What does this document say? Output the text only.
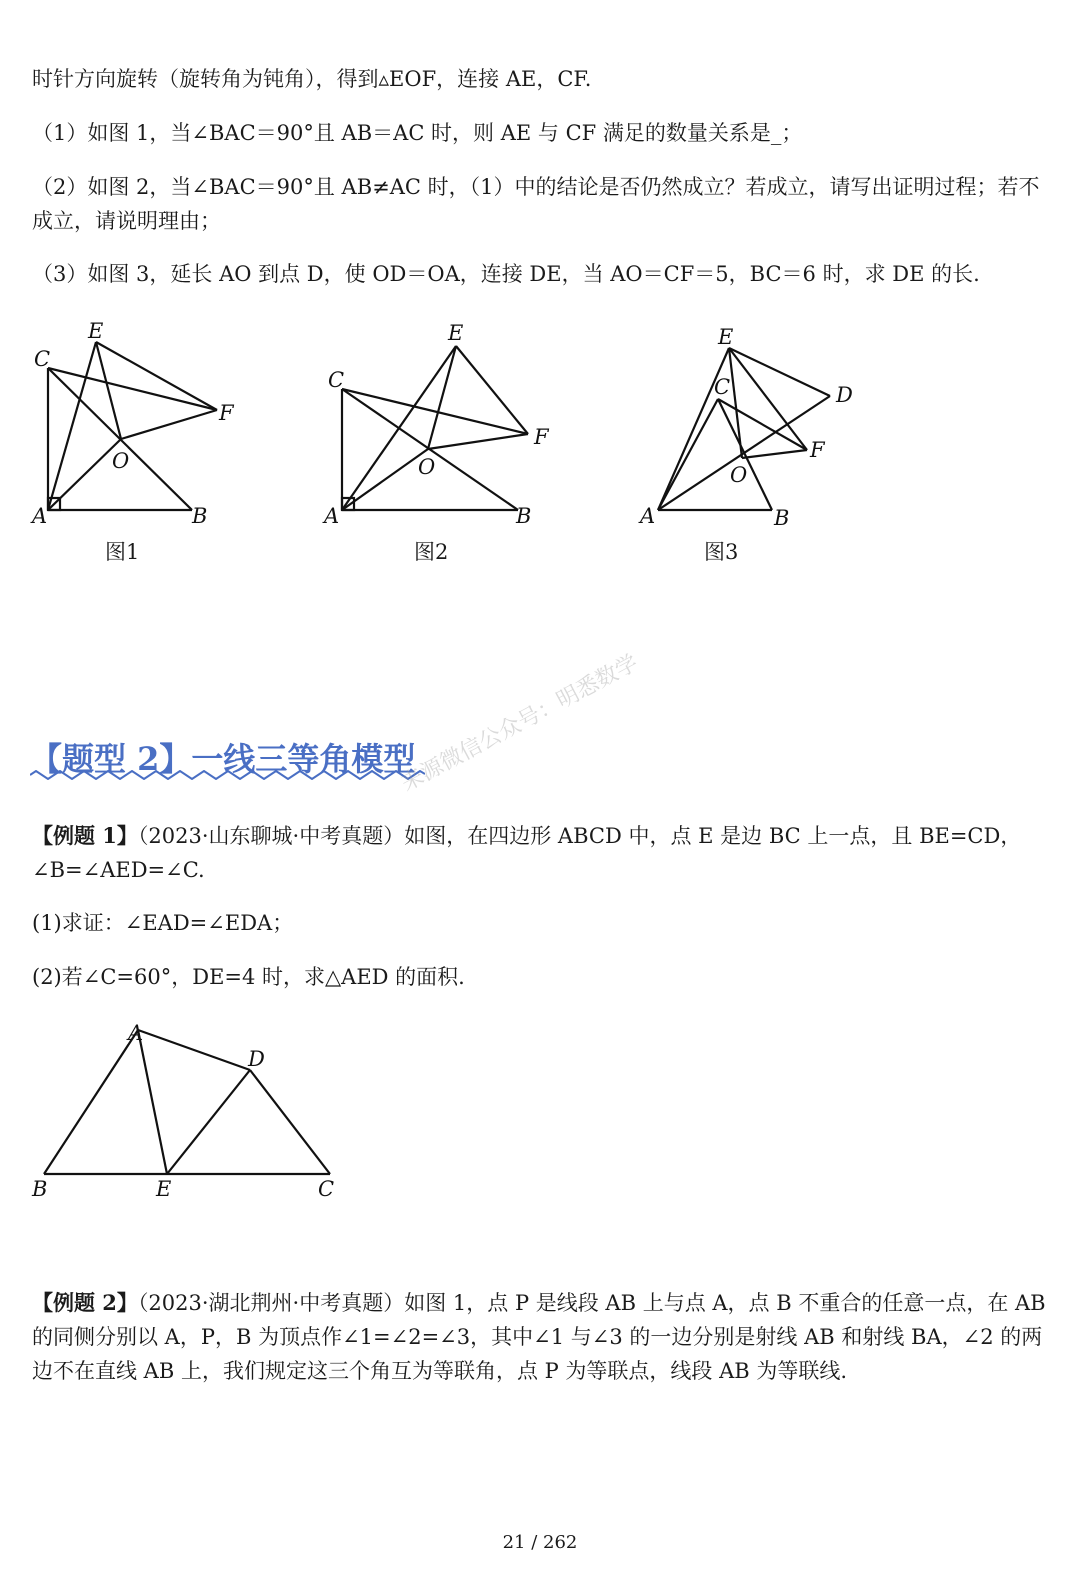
时针方向旋转（旋转角为钝角），得到▵EOF，连接 AE，CF.
（1）如图 1，当∠BAC＝90°且 AB＝AC 时，则 AE 与 CF 满足的数量关系是_；
（2）如图 2，当∠BAC＝90°且 AB≠AC 时，（1）中的结论是否仍然成立？若成立，请写出证明过程；若不
成立，请说明理由；
（3）如图 3，延长 AO 到点 D，使 OD＝OA，连接 DE，当 AO＝CF＝5，BC＝6 时，求 DE 的长.
A	B
C
E
F
O
图1
A	B
C
E
F
O
图2
A	B
C
E
D
F
O
图3
【题型 2】一线三等角模型
来源微信公众号：明悉数学
【例题 1】（2023·山东聊城·中考真题）如图，在四边形 ABCD 中，点 E 是边 BC 上一点，且 BE=CD，
∠B=∠AED=∠C.
(1)求证：∠EAD=∠EDA；
(2)若∠C=60°，DE=4 时，求△AED 的面积.
A
B
D
E	C
【例题 2】（2023·湖北荆州·中考真题）如图 1，点 P 是线段 AB 上与点 A，点 B 不重合的任意一点，在 AB
的同侧分别以 A，P，B 为顶点作∠1=∠2=∠3，其中∠1 与∠3 的一边分别是射线 AB 和射线 BA，∠2 的两
边不在直线 AB 上，我们规定这三个角互为等联角，点 P 为等联点，线段 AB 为等联线.
21 / 262
